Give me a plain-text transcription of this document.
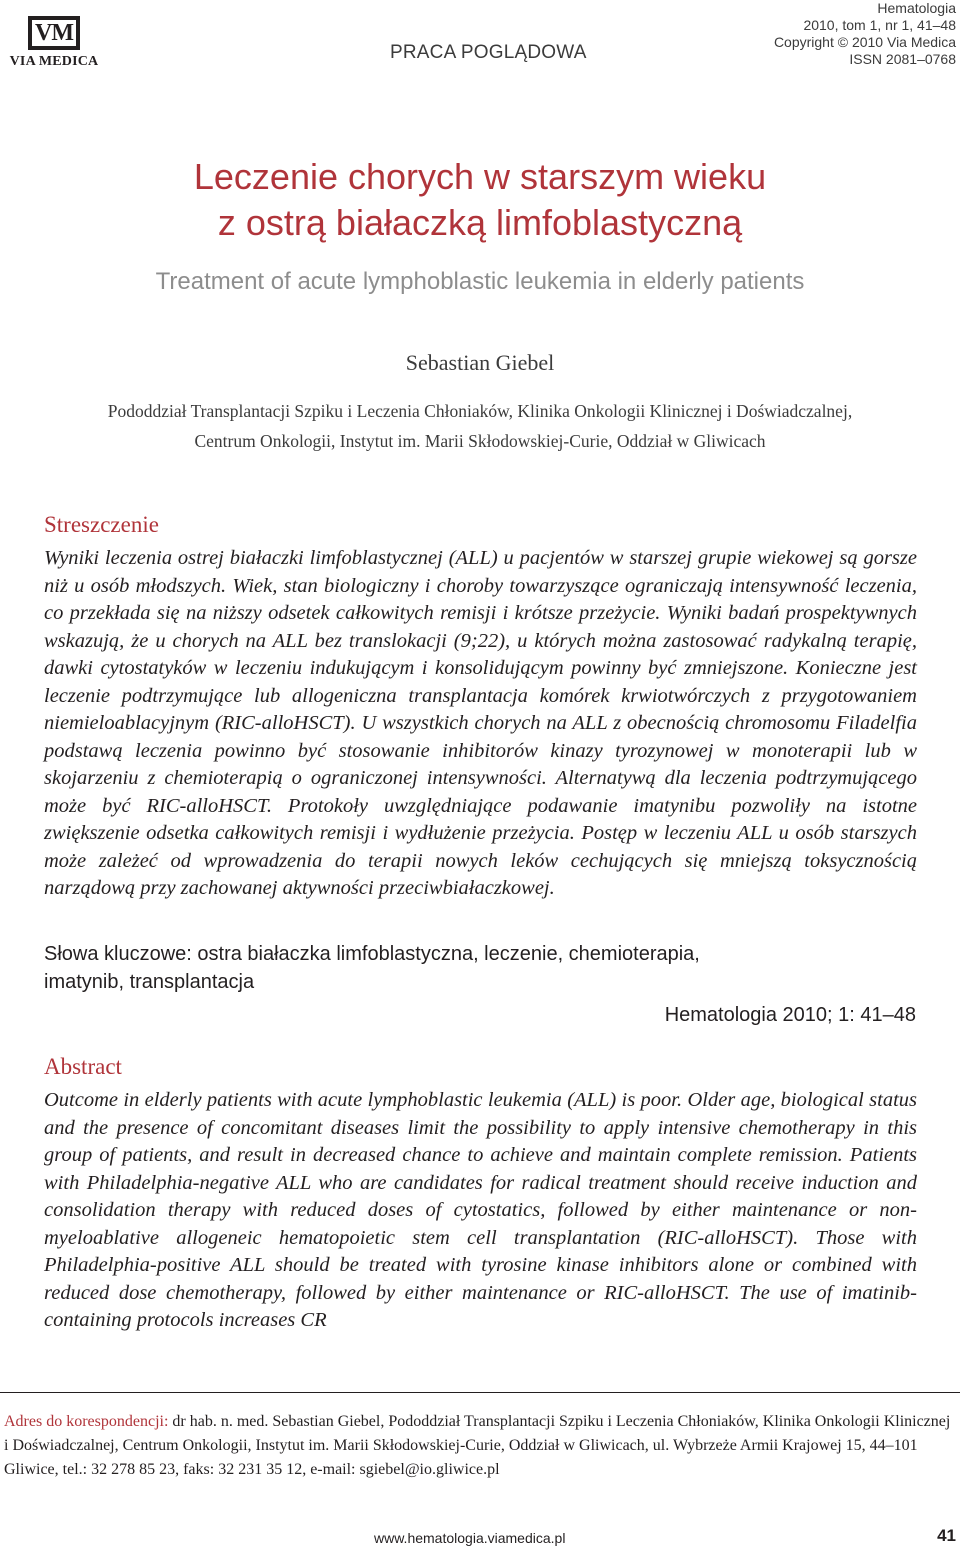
VM
VIA MEDICA	PRACA POGLĄDOWA
Hematologia
2010, tom 1, nr 1, 41–48
Copyright © 2010 Via Medica
ISSN 2081–0768
Leczenie chorych w starszym wieku
z ostrą białaczką limfoblastyczną
Treatment of acute lymphoblastic leukemia in elderly patients
Sebastian Giebel
Pododdział Transplantacji Szpiku i Leczenia Chłoniaków, Klinika Onkologii Klinicznej i Doświadczalnej,
Centrum Onkologii, Instytut im. Marii Skłodowskiej-Curie, Oddział w Gliwicach
Streszczenie
Wyniki leczenia ostrej białaczki limfoblastycznej (ALL) u pacjentów w starszej grupie wiekowej są gorsze niż u osób młodszych. Wiek, stan biologiczny i choroby towarzyszące ograniczają intensywność leczenia, co przekłada się na niższy odsetek całkowitych remisji i krótsze przeżycie. Wyniki badań prospektywnych wskazują, że u chorych na ALL bez translokacji (9;22), u których można zastosować radykalną terapię, dawki cytostatyków w leczeniu indukującym i konsolidującym powinny być zmniejszone. Konieczne jest leczenie podtrzymujące lub allogeniczna transplantacja komórek krwiotwórczych z przygotowaniem niemieloablacyjnym (RIC-alloHSCT). U wszystkich chorych na ALL z obecnością chromosomu Filadelfia podstawą leczenia powinno być stosowanie inhibitorów kinazy tyrozynowej w monoterapii lub w skojarzeniu z chemioterapią o ograniczonej intensywności. Alternatywą dla leczenia podtrzymującego może być RIC-alloHSCT. Protokoły uwzględniające podawanie imatynibu pozwoliły na istotne zwiększenie odsetka całkowitych remisji i wydłużenie przeżycia. Postęp w leczeniu ALL u osób starszych może zależeć od wprowadzenia do terapii nowych leków cechujących się mniejszą toksycznością narządową przy zachowanej aktywności przeciwbiałaczkowej.
Słowa kluczowe: ostra białaczka limfoblastyczna, leczenie, chemioterapia,
imatynib, transplantacja
Hematologia 2010; 1: 41–48
Abstract
Outcome in elderly patients with acute lymphoblastic leukemia (ALL) is poor. Older age, biological status and the presence of concomitant diseases limit the possibility to apply intensive chemotherapy in this group of patients, and result in decreased chance to achieve and maintain complete remission. Patients with Philadelphia-negative ALL who are candidates for radical treatment should receive induction and consolidation therapy with reduced doses of cytostatics, followed by either maintenance or non-myeloablative allogeneic hematopoietic stem cell transplantation (RIC-alloHSCT). Those with Philadelphia-positive ALL should be treated with tyrosine kinase inhibitors alone or combined with reduced dose chemotherapy, followed by either maintenance or RIC-alloHSCT. The use of imatinib-containing protocols increases CR
Adres do korespondencji: dr hab. n. med. Sebastian Giebel, Pododdział Transplantacji Szpiku i Leczenia Chłoniaków, Klinika Onkologii Klinicznej i Doświadczalnej, Centrum Onkologii, Instytut im. Marii Skłodowskiej-Curie, Oddział w Gliwicach, ul. Wybrzeże Armii Krajowej 15, 44–101 Gliwice, tel.: 32 278 85 23, faks: 32 231 35 12, e-mail: sgiebel@io.gliwice.pl
www.hematologia.viamedica.pl	41
